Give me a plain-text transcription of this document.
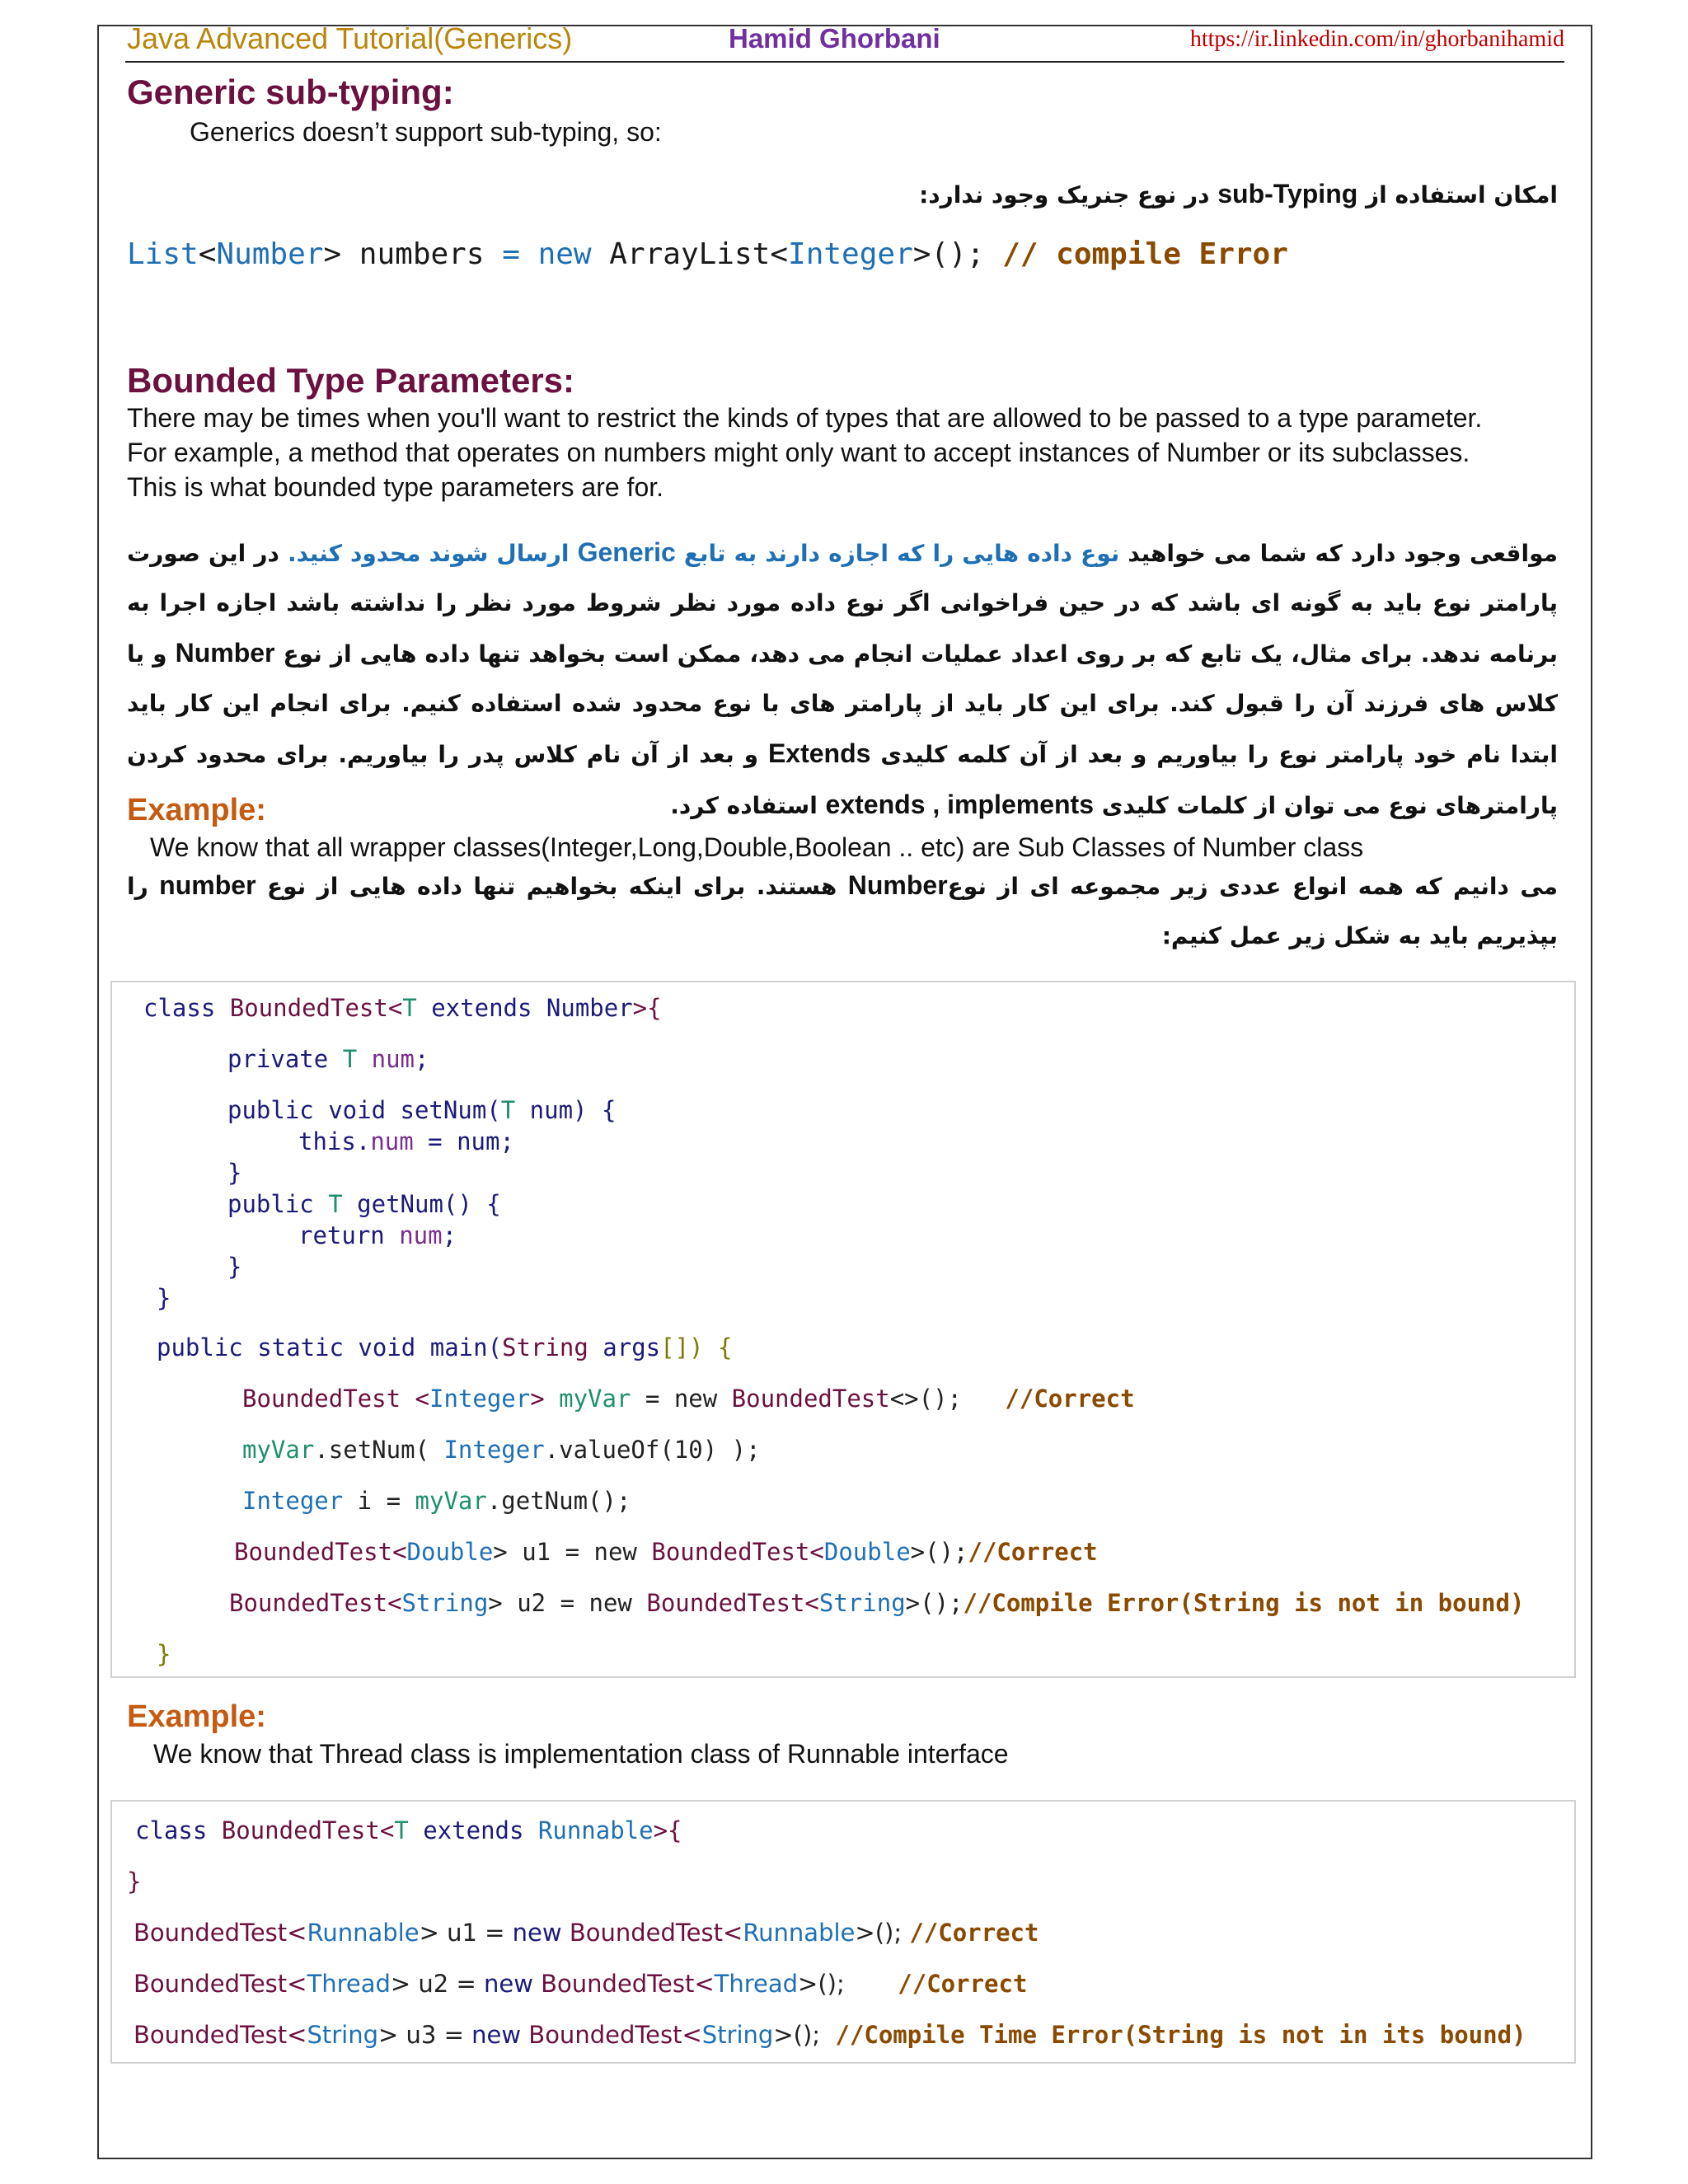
Java Advanced Tutorial(Generics)	Hamid Ghorbani	https://ir.linkedin.com/in/ghorbanihamid
Generic sub-typing:
Generics doesn’t support sub-typing, so:
امکان استفاده از sub-Typing در نوع جنریک وجود ندارد:
List<Number> numbers = new ArrayList<Integer>(); // compile Error
Bounded Type Parameters:
There may be times when you'll want to restrict the kinds of types that are allowed to be passed to a type parameter.
For example, a method that operates on numbers might only want to accept instances of Number or its subclasses.
This is what bounded type parameters are for.
مواقعی وجود دارد که شما می خواهید نوع داده هایی را که اجازه دارند به تابع Generic ارسال شوند محدود کنید. در این صورت پارامتر نوع باید به گونه ای باشد که در حین فراخوانی اگر نوع داده مورد نظر شروط مورد نظر را نداشته باشد اجازه اجرا به برنامه ندهد. برای مثال، یک تابع که بر روی اعداد عملیات انجام می دهد، ممکن است بخواهد تنها داده هایی از نوع Number و یا کلاس های فرزند آن را قبول کند. برای این کار باید از پارامتر های با نوع محدود شده استفاده کنیم. برای انجام این کار باید ابتدا نام خود پارامتر نوع را بیاوریم و بعد از آن کلمه کلیدی Extends و بعد از آن نام کلاس پدر را بیاوریم. برای محدود کردن پارامترهای نوع می توان از کلمات کلیدی extends , implements استفاده کرد.
Example:
We know that all wrapper classes(Integer,Long,Double,Boolean .. etc) are Sub Classes of Number class
می دانیم که همه انواع عددی زیر مجموعه ای از نوعNumber هستند. برای اینکه بخواهیم تنها داده هایی از نوع number را بپذیریم باید به شکل زیر عمل کنیم:
class BoundedTest<T extends Number>{
private T num;
public void setNum(T num) {
this.num = num;
}
public T getNum() {
return num;
}
}
public static void main(String args[]) {
BoundedTest <Integer> myVar = new BoundedTest<>();   //Correct
myVar.setNum( Integer.valueOf(10) );
Integer i = myVar.getNum();
BoundedTest<Double> u1 = new BoundedTest<Double>();//Correct
BoundedTest<String> u2 = new BoundedTest<String>();//Compile Error(String is not in bound)
}
Example:
We know that Thread class is implementation class of Runnable interface
class BoundedTest<T extends Runnable>{
}
BoundedTest<Runnable> u1 = new BoundedTest<Runnable>(); //Correct
BoundedTest<Thread> u2 = new BoundedTest<Thread>();       //Correct
BoundedTest<String> u3 = new BoundedTest<String>();  //Compile Time Error(String is not in its bound)
